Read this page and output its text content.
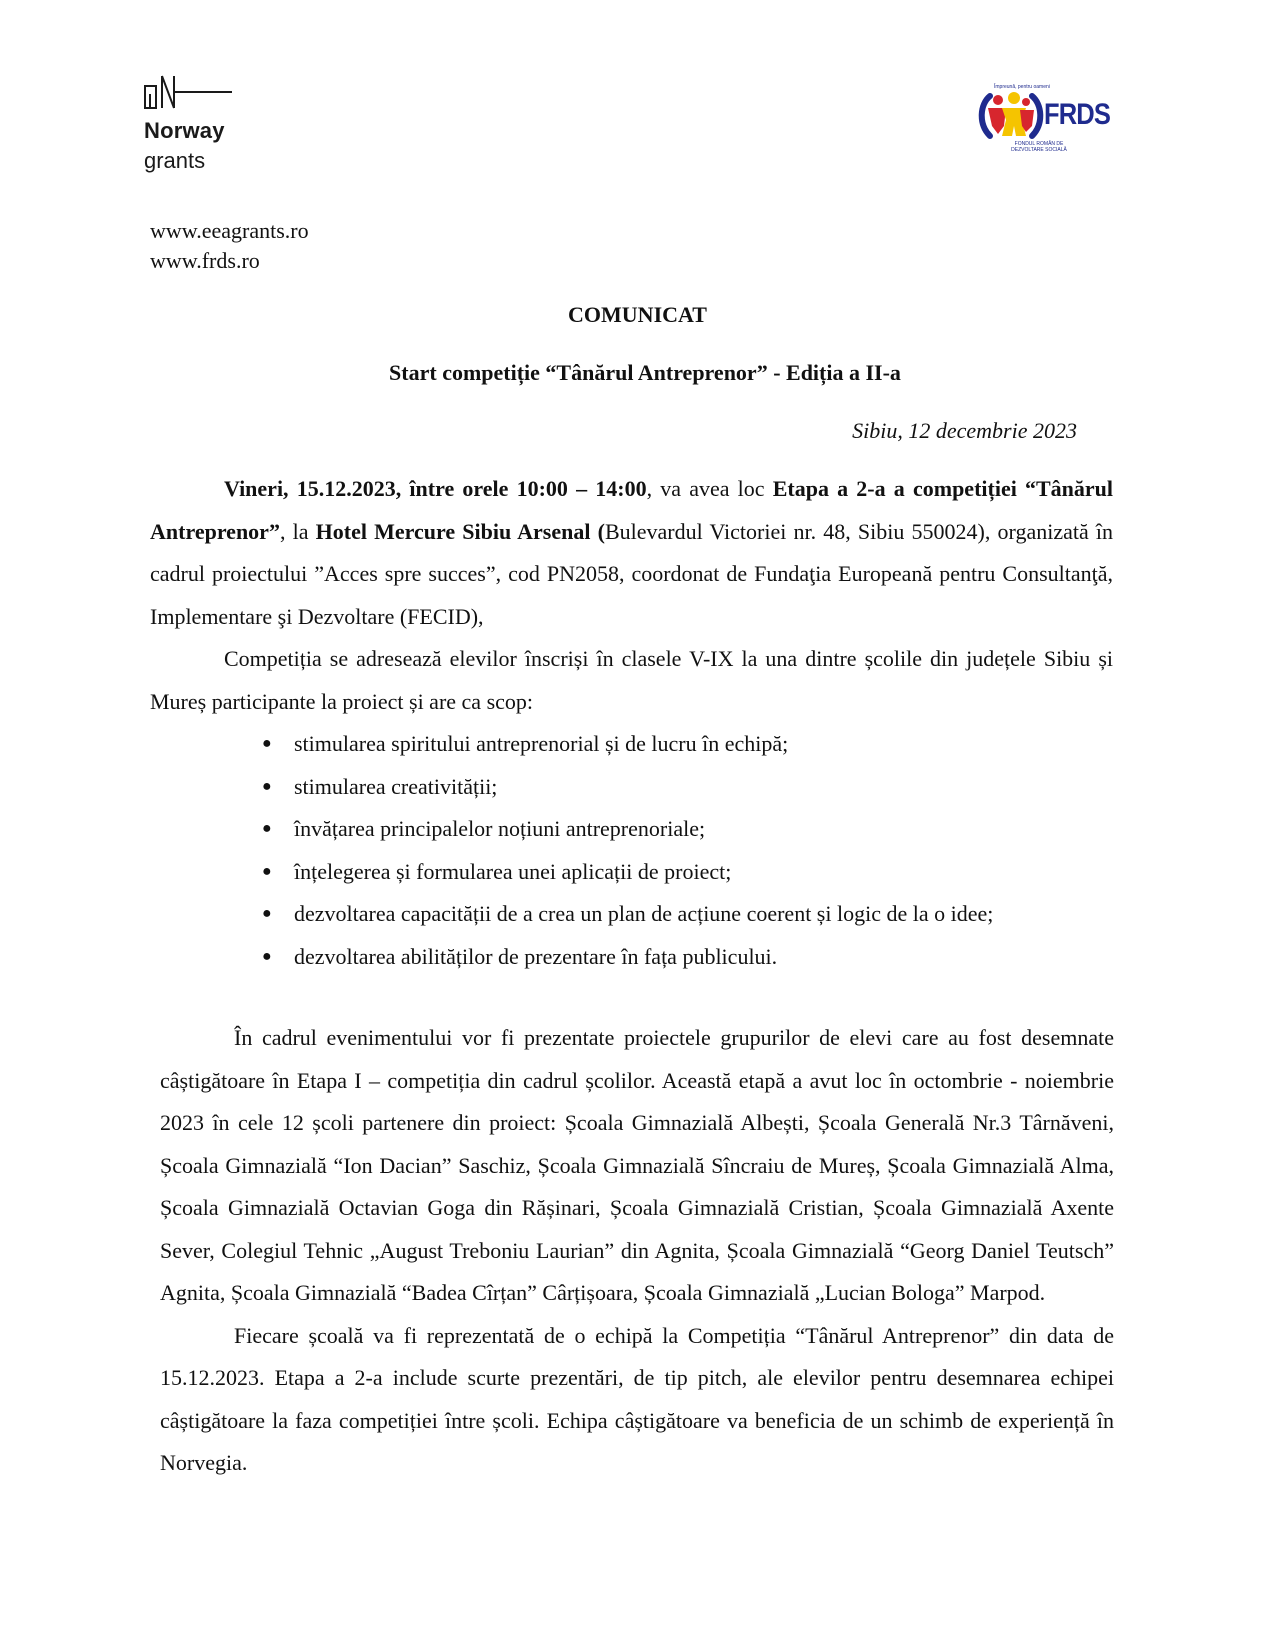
Norway
grants
Împreună, pentru oameni
FRDS
FONDUL ROMÂN DE DEZVOLTARE SOCIALĂ
www.eeagrants.ro
www.frds.ro
COMUNICAT
Start competiție “Tânărul Antreprenor” - Ediția a II-a
Sibiu, 12 decembrie 2023

Vineri, 15.12.2023, între orele 10:00 – 14:00, va avea loc Etapa a 2-a a competiției “Tânărul Antreprenor”, la Hotel Mercure Sibiu Arsenal (Bulevardul Victoriei nr. 48, Sibiu 550024), organizată în cadrul proiectului ”Acces spre succes”, cod PN2058, coordonat de Fundaţia Europeană pentru Consultanţă, Implementare şi Dezvoltare (FECID),

Competiția se adresează elevilor înscriși în clasele V-IX la una dintre școlile din județele Sibiu și Mureș participante la proiect și are ca scop:

● stimularea spiritului antreprenorial și de lucru în echipă;
● stimularea creativității;
● învățarea principalelor noțiuni antreprenoriale;
● înțelegerea și formularea unei aplicații de proiect;
● dezvoltarea capacității de a crea un plan de acțiune coerent și logic de la o idee;
● dezvoltarea abilităților de prezentare în fața publicului.

În cadrul evenimentului vor fi prezentate proiectele grupurilor de elevi care au fost desemnate câștigătoare în Etapa I – competiția din cadrul școlilor. Această etapă a avut loc în octombrie - noiembrie 2023 în cele 12 școli partenere din proiect: Școala Gimnazială Albești, Școala Generală Nr.3 Târnăveni, Școala Gimnazială “Ion Dacian” Saschiz, Școala Gimnazială Sîncraiu de Mureș, Școala Gimnazială Alma, Școala Gimnazială Octavian Goga din Rășinari, Școala Gimnazială Cristian, Școala Gimnazială Axente Sever, Colegiul Tehnic „August Treboniu Laurian” din Agnita, Școala Gimnazială “Georg Daniel Teutsch” Agnita, Școala Gimnazială “Badea Cîrțan” Cârțișoara, Școala Gimnazială „Lucian Bologa” Marpod.

Fiecare școală va fi reprezentată de o echipă la Competiția “Tânărul Antreprenor” din data de 15.12.2023. Etapa a 2-a include scurte prezentări, de tip pitch, ale elevilor pentru desemnarea echipei câștigătoare la faza competiției între școli. Echipa câștigătoare va beneficia de un schimb de experiență în Norvegia.
